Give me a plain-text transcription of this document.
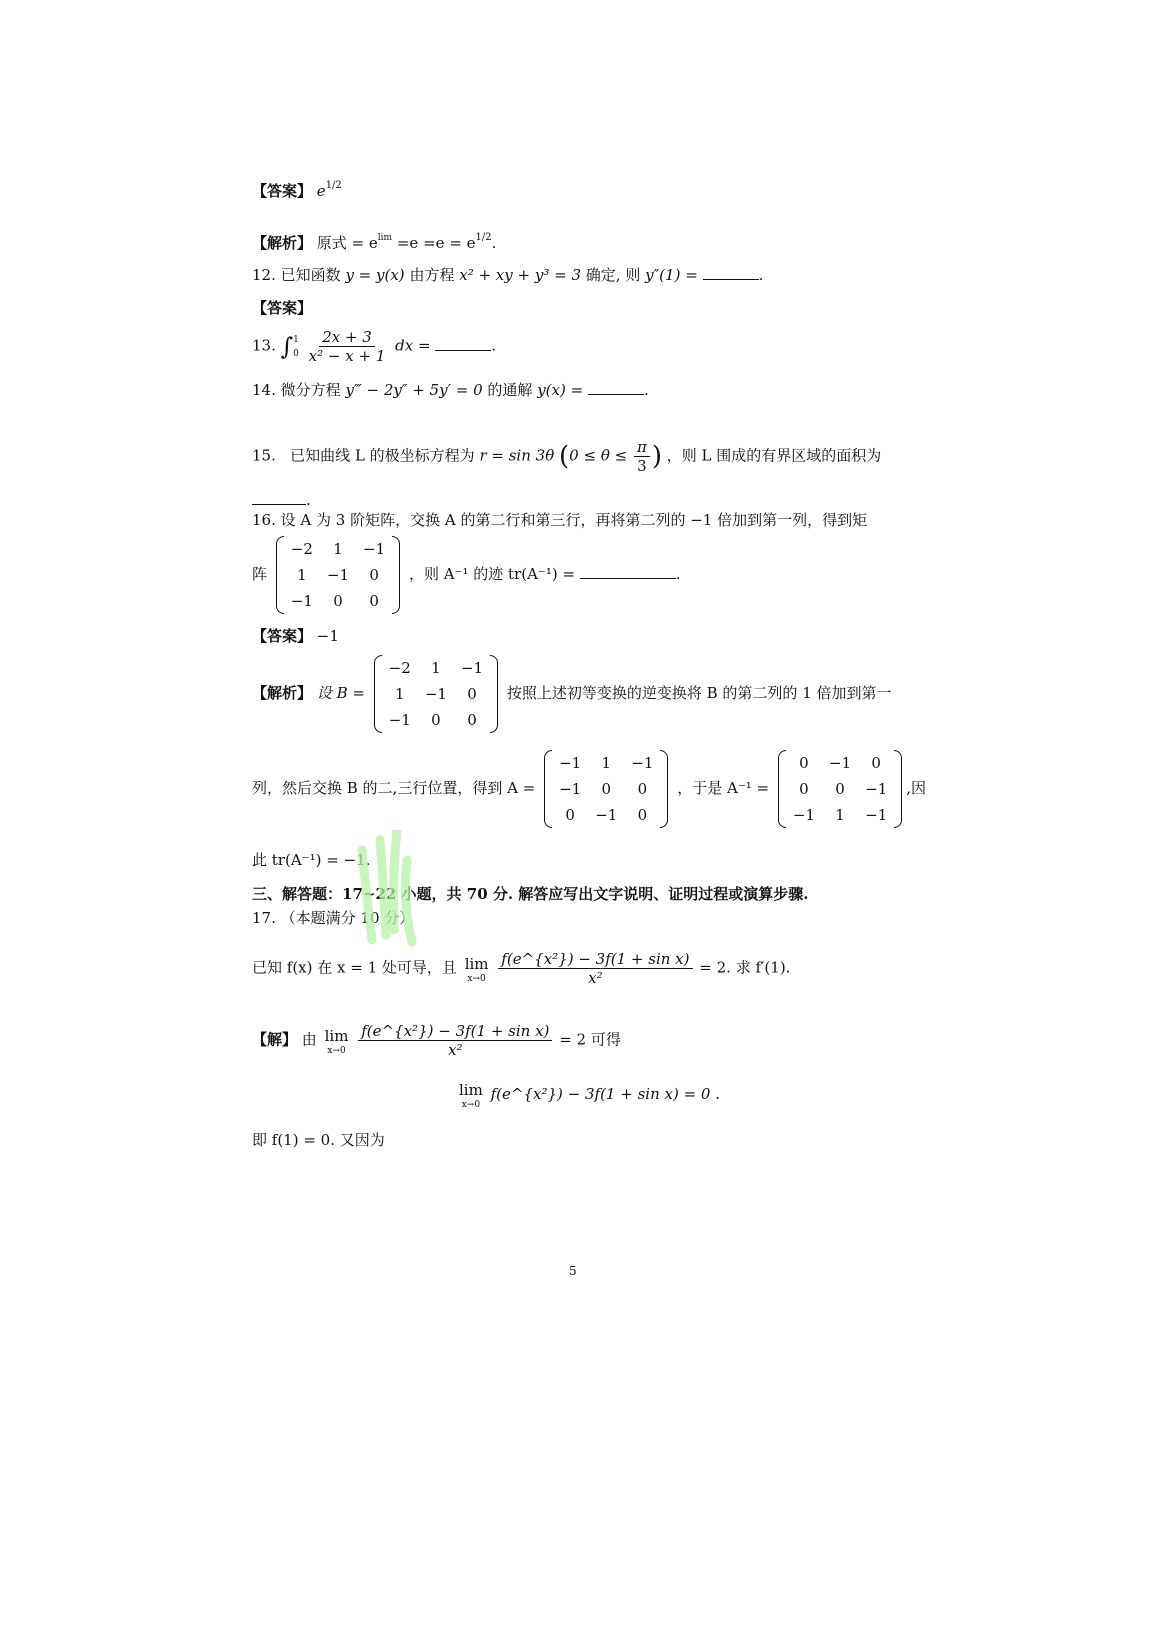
【答案】 $e^{1/2}$
【解析】 原式 = $e^{lim} =e =e = e^{1/2}$.
12. 已知函数 y = y(x) 由方程 x² + xy + y³ = 3 确定, 则 y″(1) =	.
【答案】
13. ∫ 1
0
$\frac{2x + 3}{\text{x² − x + 1}}$ dx =	.
14. 微分方程 y‴ − 2y″ + 5y′ = 0 的通解 y(x) =	.
15. 已知曲线 L 的极坐标方程为 r = sin 3θ ($0 \le \theta \le \frac{\pi}{3}$ ) ，则 L 围成的有界区域的面积为
.
16. 设 A 为 3 阶矩阵，交换 A 的第二行和第三行，再将第二列的 −1 倍加到第一列，得到矩
阵
−2	1	−1
1	−1	0
−1	0	0
，则 A⁻¹ 的迹 tr(A⁻¹) =	.
【答案】 −1
【解析】 设 B =
−2	1	−1
1	−1	0
−1	0	0
按照上述初等变换的逆变换将 B 的第二列的 1 倍加到第一
列，然后交换 B 的二,三行位置，得到 A =
−1	1	−1
−1	0	0
0	−1	0
，于是 A⁻¹ =
0	−1	0
0	0	−1
−1	1	−1
,因
此 tr(A⁻¹) = −1.
三、解答题：17~22 小题，共 70 分. 解答应写出文字说明、证明过程或演算步骤.
17. （本题满分 10 分）
已知 f(x) 在 x = 1 处可导，且 lim
x→0
$\frac{\text{f(e\textasciicircum{}\{x²\}) − 3f(1 + sin x)}}{\text{x²}} = 2$. 求 f′(1).
【解】 由 lim
x→0
$\frac{\text{f(e\textasciicircum{}\{x²\}) − 3f(1 + sin x)}}{\text{x²}} = 2$ 可得
lim
x→0
f(e^{x²}) − 3f(1 + sin x) = 0 .
即 f(1) = 0. 又因为
5
